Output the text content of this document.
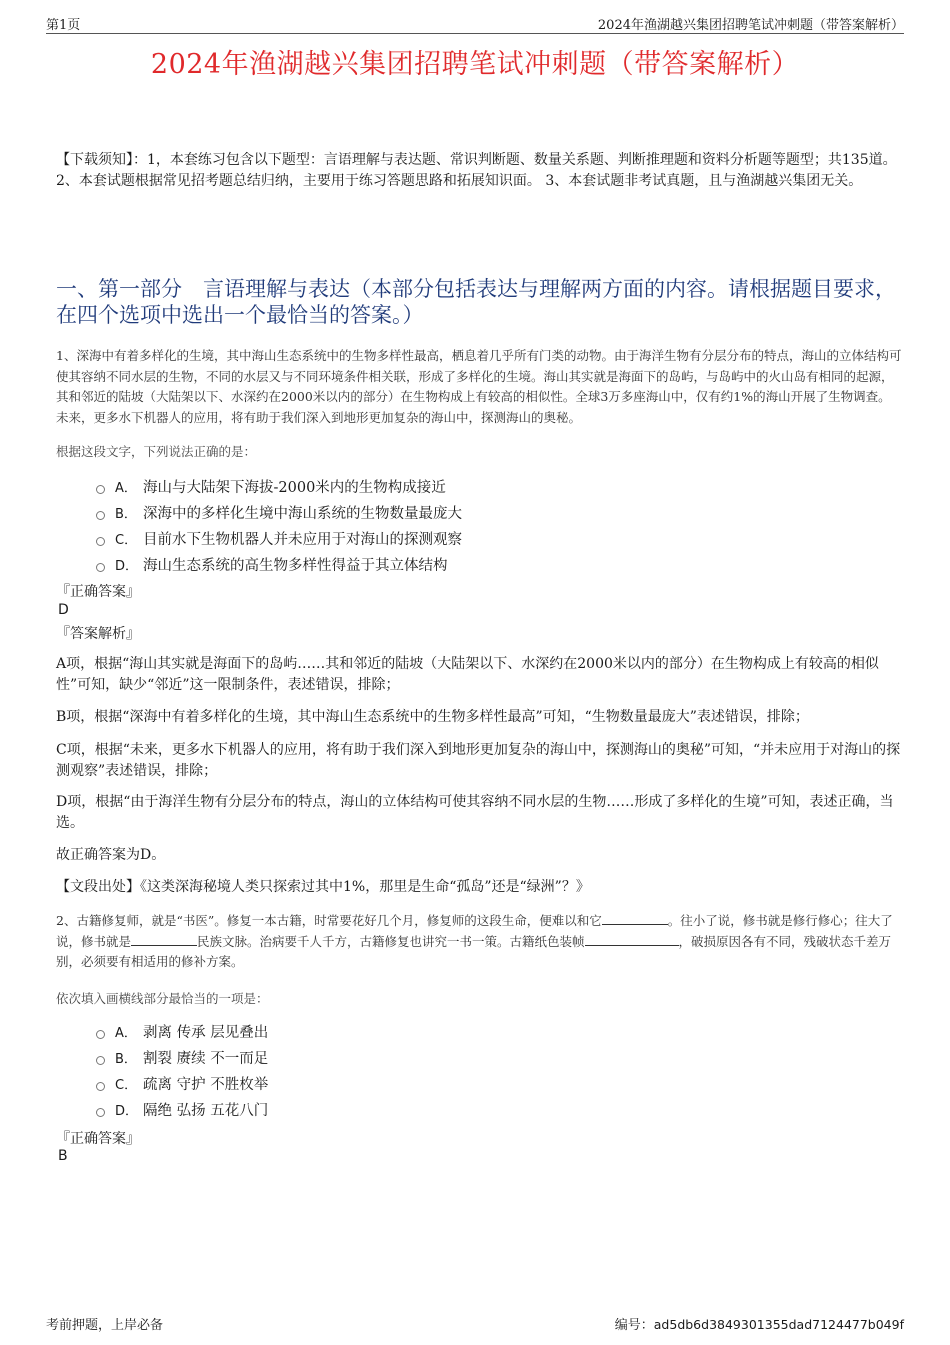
第1页	2024年渔湖越兴集团招聘笔试冲刺题（带答案解析）
2024年渔湖越兴集团招聘笔试冲刺题（带答案解析）
【下载须知】：1，本套练习包含以下题型：言语理解与表达题、常识判断题、数量关系题、判断推理题和资料分析题等题型；共135道。 2、本套试题根据常见招考题总结归纳，主要用于练习答题思路和拓展知识面。 3、本套试题非考试真题，且与渔湖越兴集团无关。
一、第一部分　言语理解与表达（本部分包括表达与理解两方面的内容。请根据题目要求，在四个选项中选出一个最恰当的答案。）
1、深海中有着多样化的生境，其中海山生态系统中的生物多样性最高，栖息着几乎所有门类的动物。由于海洋生物有分层分布的特点，海山的立体结构可使其容纳不同水层的生物，不同的水层又与不同环境条件相关联，形成了多样化的生境。海山其实就是海面下的岛屿，与岛屿中的火山岛有相同的起源，其和邻近的陆坡（大陆架以下、水深约在2000米以内的部分）在生物构成上有较高的相似性。全球3万多座海山中，仅有约1%的海山开展了生物调查。未来，更多水下机器人的应用，将有助于我们深入到地形更加复杂的海山中，探测海山的奥秘。
根据这段文字，下列说法正确的是：
A． 海山与大陆架下海拔-2000米内的生物构成接近
B． 深海中的多样化生境中海山系统的生物数量最庞大
C． 目前水下生物机器人并未应用于对海山的探测观察
D． 海山生态系统的高生物多样性得益于其立体结构
『正确答案』
D
『答案解析』
A项，根据“海山其实就是海面下的岛屿……其和邻近的陆坡（大陆架以下、水深约在2000米以内的部分）在生物构成上有较高的相似性”可知，缺少“邻近”这一限制条件，表述错误，排除；
B项，根据“深海中有着多样化的生境，其中海山生态系统中的生物多样性最高”可知，“生物数量最庞大”表述错误，排除；
C项，根据“未来，更多水下机器人的应用，将有助于我们深入到地形更加复杂的海山中，探测海山的奥秘”可知，“并未应用于对海山的探测观察”表述错误，排除；
D项，根据“由于海洋生物有分层分布的特点，海山的立体结构可使其容纳不同水层的生物……形成了多样化的生境”可知，表述正确，当选。
故正确答案为D。
【文段出处】《这类深海秘境人类只探索过其中1%，那里是生命“孤岛”还是“绿洲”？》
2、古籍修复师，就是“书医”。修复一本古籍，时常要花好几个月，修复师的这段生命，便难以和它	。往小了说，修书就是修行修心；往大了说，修书就是	民族文脉。治病要千人千方，古籍修复也讲究一书一策。古籍纸色装帧	，破损原因各有不同，残破状态千差万别，必须要有相适用的修补方案。
依次填入画横线部分最恰当的一项是：
A． 剥离 传承 层见叠出
B． 割裂 赓续 不一而足
C． 疏离 守护 不胜枚举
D． 隔绝 弘扬 五花八门
『正确答案』
B
考前押题，上岸必备	编号：ad5db6d3849301355dad7124477b049f
